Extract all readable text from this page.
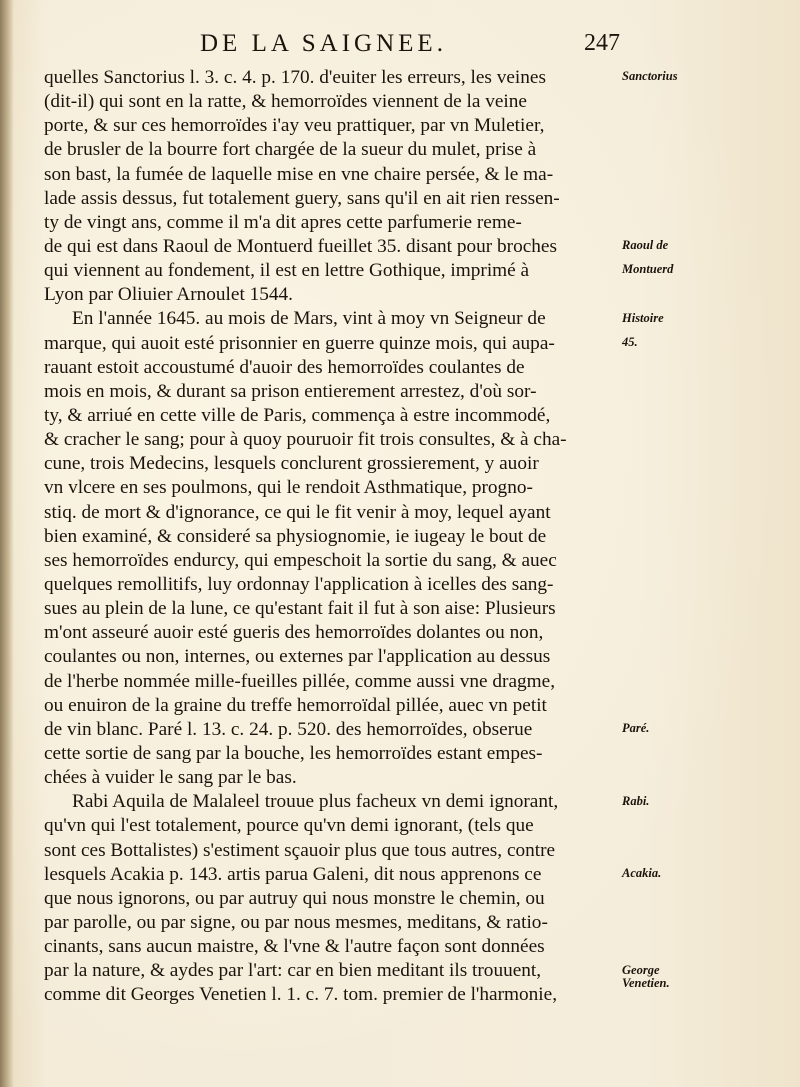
DE LA SAIGNEE.	247
quelles Sanctorius l. 3. c. 4. p. 170. d'euiter les erreurs, les veines
(dit-il) qui sont en la ratte, & hemorroïdes viennent de la veine
porte, & sur ces hemorroïdes i'ay veu prattiquer, par vn Muletier,
de brusler de la bourre fort chargée de la sueur du mulet, prise à
son bast, la fumée de laquelle mise en vne chaire persée, & le ma-
lade assis dessus, fut totalement guery, sans qu'il en ait rien ressen-
ty de vingt ans, comme il m'a dit apres cette parfumerie reme-
de qui est dans Raoul de Montuerd fueillet 35. disant pour broches
qui viennent au fondement, il est en lettre Gothique, imprimé à
Lyon par Oliuier Arnoulet 1544.
En l'année 1645. au mois de Mars, vint à moy vn Seigneur de
marque, qui auoit esté prisonnier en guerre quinze mois, qui aupa-
rauant estoit accoustumé d'auoir des hemorroïdes coulantes de
mois en mois, & durant sa prison entierement arrestez, d'où sor-
ty, & arriué en cette ville de Paris, commença à estre incommodé,
& cracher le sang; pour à quoy pouruoir fit trois consultes, & à cha-
cune, trois Medecins, lesquels conclurent grossierement, y auoir
vn vlcere en ses poulmons, qui le rendoit Asthmatique, progno-
stiq. de mort & d'ignorance, ce qui le fit venir à moy, lequel ayant
bien examiné, & consideré sa physiognomie, ie iugeay le bout de
ses hemorroïdes endurcy, qui empeschoit la sortie du sang, & auec
quelques remollitifs, luy ordonnay l'application à icelles des sang-
sues au plein de la lune, ce qu'estant fait il fut à son aise: Plusieurs
m'ont asseuré auoir esté gueris des hemorroïdes dolantes ou non,
coulantes ou non, internes, ou externes par l'application au dessus
de l'herbe nommée mille-fueilles pillée, comme aussi vne dragme,
ou enuiron de la graine du treffe hemorroïdal pillée, auec vn petit
de vin blanc. Paré l. 13. c. 24. p. 520. des hemorroïdes, obserue
cette sortie de sang par la bouche, les hemorroïdes estant empes-
chées à vuider le sang par le bas.
Rabi Aquila de Malaleel trouue plus facheux vn demi ignorant,
qu'vn qui l'est totalement, pource qu'vn demi ignorant, (tels que
sont ces Bottalistes) s'estiment sçauoir plus que tous autres, contre
lesquels Acakia p. 143. artis parua Galeni, dit nous apprenons ce
que nous ignorons, ou par autruy qui nous monstre le chemin, ou
par parolle, ou par signe, ou par nous mesmes, meditans, & ratio-
cinants, sans aucun maistre, & l'vne & l'autre façon sont données
par la nature, & aydes par l'art: car en bien meditant ils trouuent,
comme dit Georges Venetien l. 1. c. 7. tom. premier de l'harmonie,
Sanctorius
Raoul de
Montuerd
Histoire
45.
Paré.
Rabi.
Acakia.
George
Venetien.
